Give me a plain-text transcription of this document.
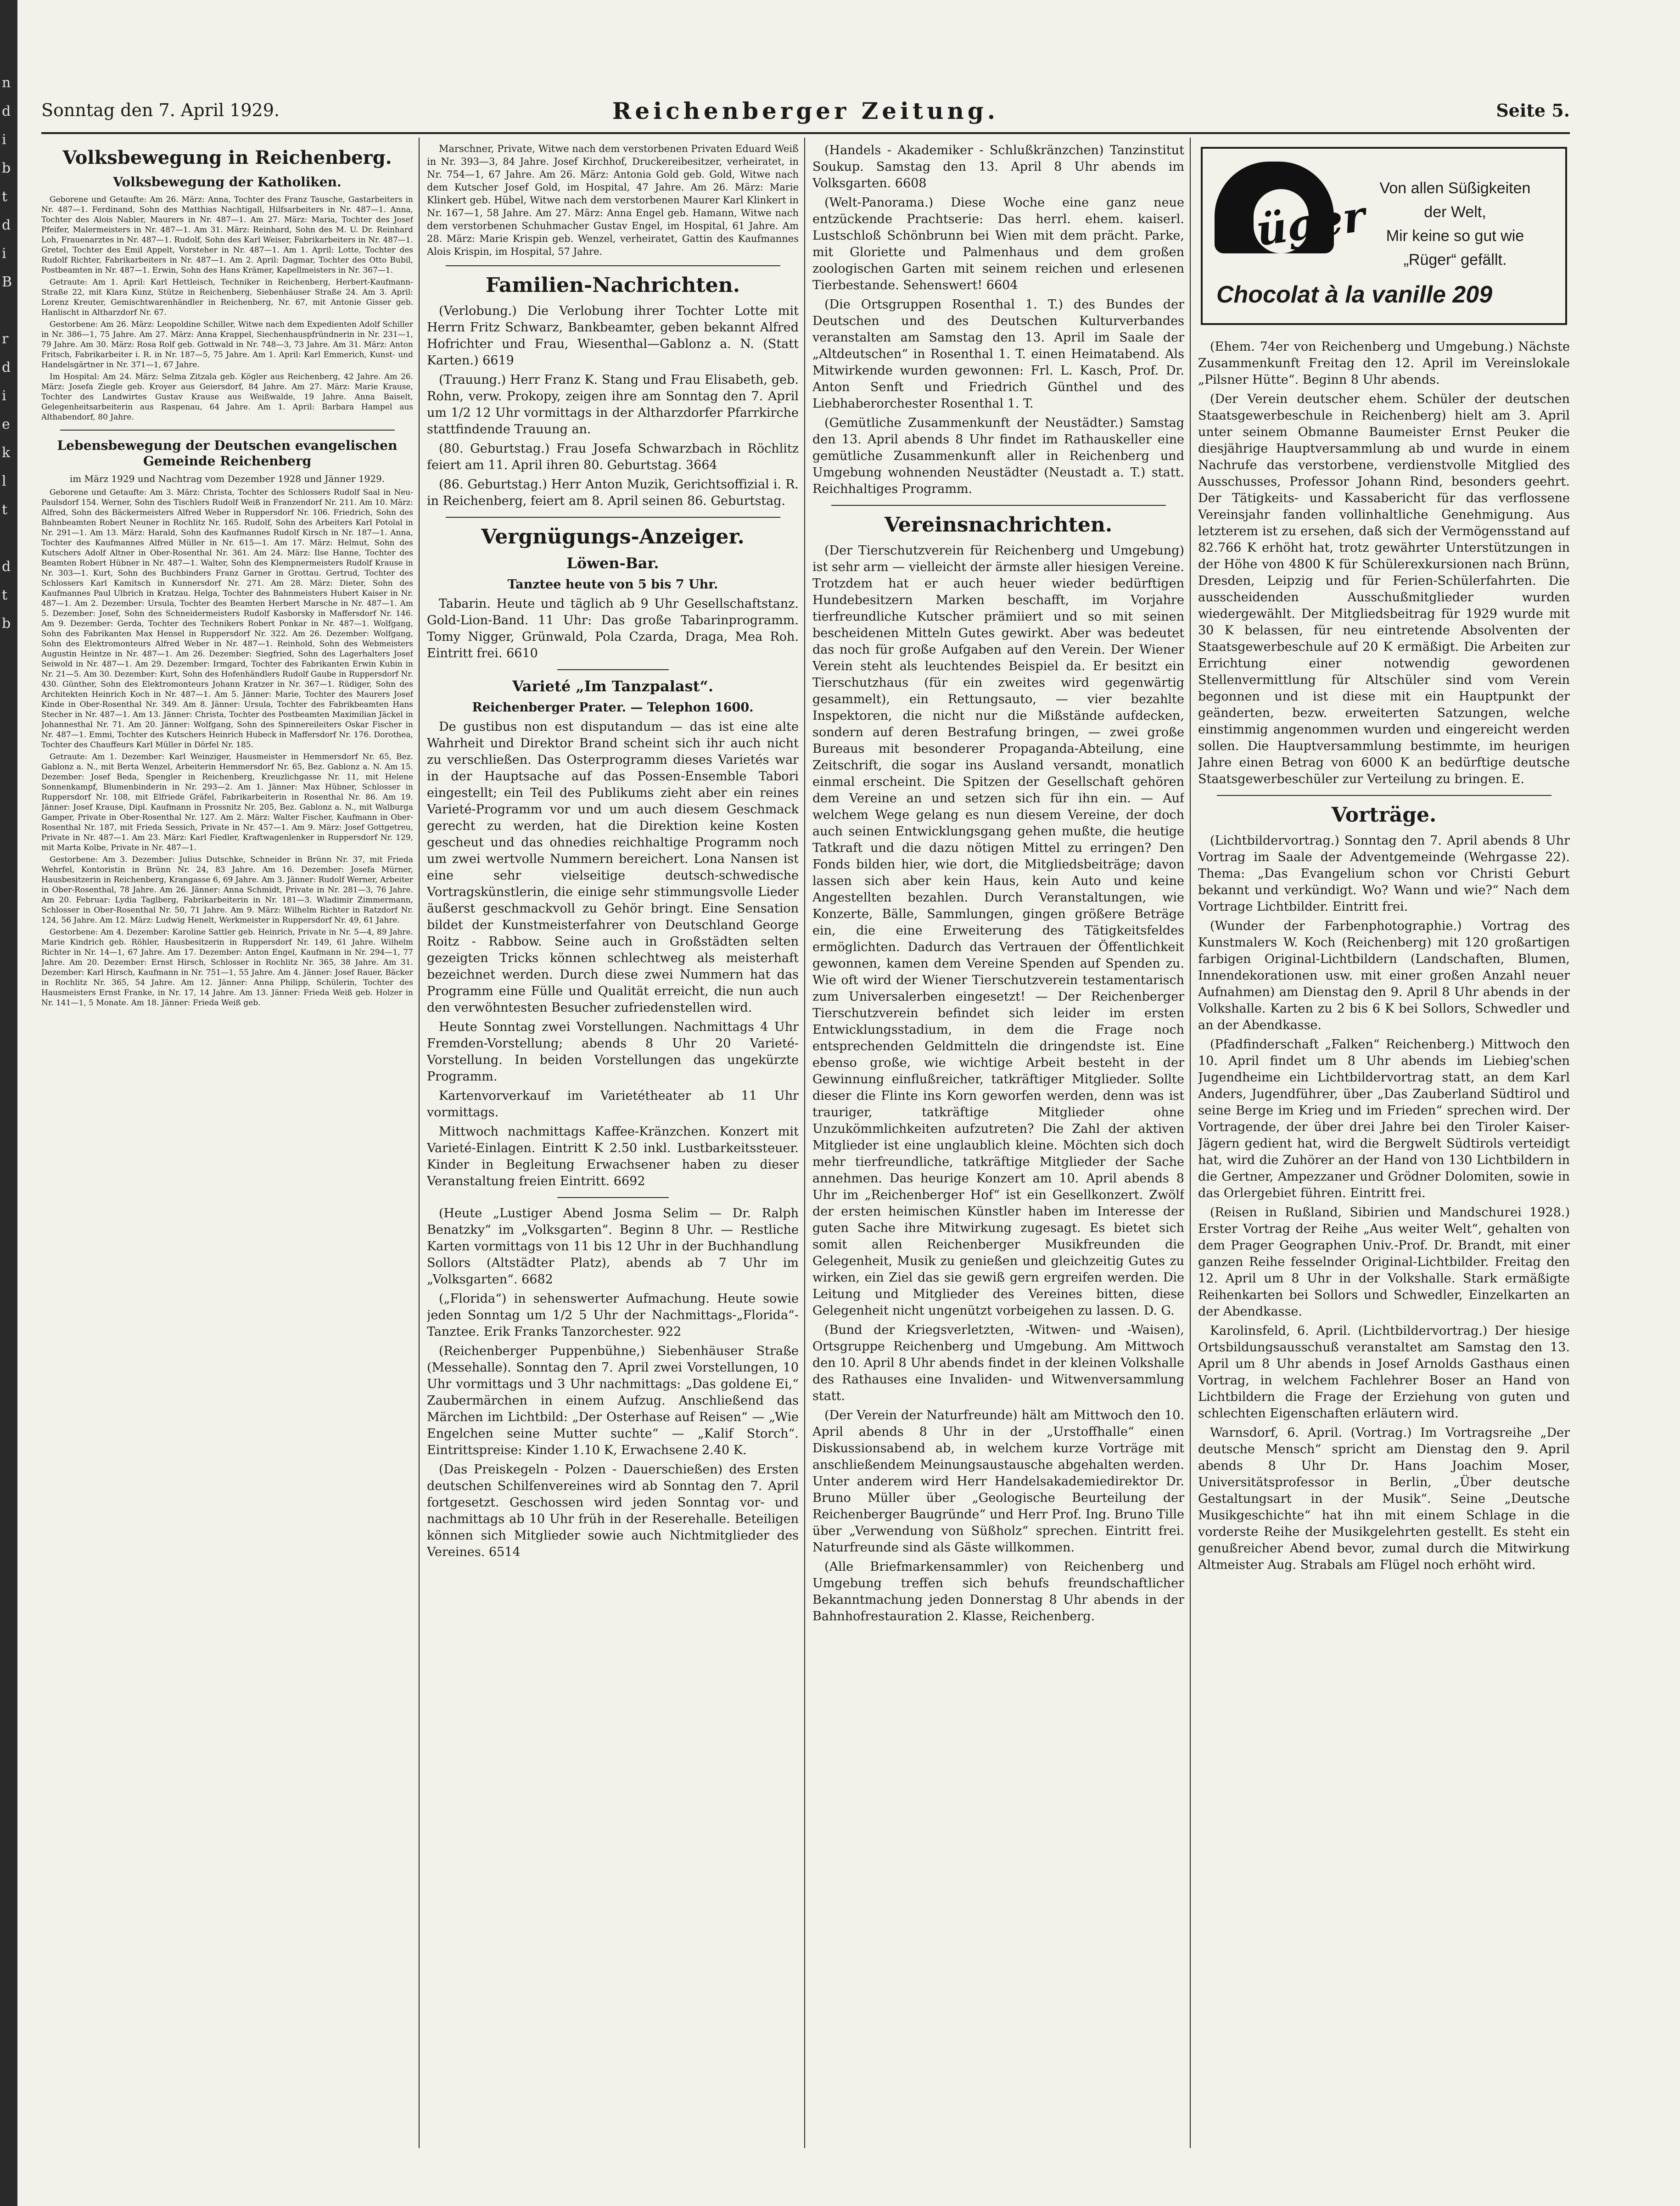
n
d
i
b
t
d
i
B

r
d
i
e
k
l
t

d
t
b
Sonntag den 7. April 1929.	Reichenberger Zeitung.	Seite 5.
Volksbewegung in Reichenberg.
Volksbewegung der Katholiken.

Geborene und Getaufte: Am 26. März: Anna, Tochter des Franz Tausche, Gastarbeiters in Nr. 487—1. Ferdinand, Sohn des Matthias Nachtigall, Hilfsarbeiters in Nr. 487—1. Anna, Tochter des Alois Nabler, Maurers in Nr. 487—1. Am 27. März: Maria, Tochter des Josef Pfeifer, Malermeisters in Nr. 487—1. Am 31. März: Reinhard, Sohn des M. U. Dr. Reinhard Loh, Frauenarztes in Nr. 487—1. Rudolf, Sohn des Karl Weiser, Fabrikarbeiters in Nr. 487—1. Gretel, Tochter des Emil Appelt, Vorsteher in Nr. 487—1. Am 1. April: Lotte, Tochter des Rudolf Richter, Fabrikarbeiters in Nr. 487—1. Am 2. April: Dagmar, Tochter des Otto Bubil, Postbeamten in Nr. 487—1. Erwin, Sohn des Hans Krämer, Kapellmeisters in Nr. 367—1.

Getraute: Am 1. April: Karl Hettleisch, Techniker in Reichenberg, Herbert-Kaufmann-Straße 22, mit Klara Kunz, Stütze in Reichenberg, Siebenhäuser Straße 24. Am 3. April: Lorenz Kreuter, Gemischtwarenhändler in Reichenberg, Nr. 67, mit Antonie Gisser geb. Hanlischt in Altharzdorf Nr. 67.

Gestorbene: Am 26. März: Leopoldine Schiller, Witwe nach dem Expedienten Adolf Schiller in Nr. 386—1, 75 Jahre. Am 27. März: Anna Krappel, Siechenhauspfründnerin in Nr. 231—1, 79 Jahre. Am 30. März: Rosa Rolf geb. Gottwald in Nr. 748—3, 73 Jahre. Am 31. März: Anton Fritsch, Fabrikarbeiter i. R. in Nr. 187—5, 75 Jahre. Am 1. April: Karl Emmerich, Kunst- und Handelsgärtner in Nr. 371—1, 67 Jahre.

Im Hospital: Am 24. März: Selma Zitzala geb. Kögler aus Reichenberg, 42 Jahre. Am 26. März: Josefa Ziegle geb. Kroyer aus Geiersdorf, 84 Jahre. Am 27. März: Marie Krause, Tochter des Landwirtes Gustav Krause aus Weißwalde, 19 Jahre. Anna Baiselt, Gelegenheitsarbeiterin aus Raspenau, 64 Jahre. Am 1. April: Barbara Hampel aus Althabendorf, 80 Jahre.

Lebensbewegung der Deutschen evangelischen Gemeinde Reichenberg
im März 1929 und Nachtrag vom Dezember 1928 und Jänner 1929.

Geborene und Getaufte: Am 3. März: Christa, Tochter des Schlossers Rudolf Saal in Neu-Paulsdorf 154. Werner, Sohn des Tischlers Rudolf Weiß in Franzendorf Nr. 211. Am 10. März: Alfred, Sohn des Bäckermeisters Alfred Weber in Ruppersdorf Nr. 106. Friedrich, Sohn des Bahnbeamten Robert Neuner in Rochlitz Nr. 165. Rudolf, Sohn des Arbeiters Karl Potolal in Nr. 291—1. Am 13. März: Harald, Sohn des Kaufmannes Rudolf Kirsch in Nr. 187—1. Anna, Tochter des Kaufmannes Alfred Müller in Nr. 615—1. Am 17. März: Helmut, Sohn des Kutschers Adolf Altner in Ober-Rosenthal Nr. 361. Am 24. März: Ilse Hanne, Tochter des Beamten Robert Hübner in Nr. 487—1. Walter, Sohn des Klempnermeisters Rudolf Krause in Nr. 303—1. Kurt, Sohn des Buchbinders Franz Garner in Grottau. Gertrud, Tochter des Schlossers Karl Kamitsch in Kunnersdorf Nr. 271. Am 28. März: Dieter, Sohn des Kaufmannes Paul Ulbrich in Kratzau. Helga, Tochter des Bahnmeisters Hubert Kaiser in Nr. 487—1. Am 2. Dezember: Ursula, Tochter des Beamten Herbert Marsche in Nr. 487—1. Am 5. Dezember: Josef, Sohn des Schneidermeisters Rudolf Kasborsky in Maffersdorf Nr. 146. Am 9. Dezember: Gerda, Tochter des Technikers Robert Ponkar in Nr. 487—1. Wolfgang, Sohn des Fabrikanten Max Hensel in Ruppersdorf Nr. 322. Am 26. Dezember: Wolfgang, Sohn des Elektromonteurs Alfred Weber in Nr. 487—1. Reinhold, Sohn des Webmeisters Augustin Heintze in Nr. 487—1. Am 26. Dezember: Siegfried, Sohn des Lagerhalters Josef Seiwold in Nr. 487—1. Am 29. Dezember: Irmgard, Tochter des Fabrikanten Erwin Kubin in Nr. 21—5. Am 30. Dezember: Kurt, Sohn des Hofenhändlers Rudolf Gaube in Ruppersdorf Nr. 430. Günther, Sohn des Elektromonteurs Johann Kratzer in Nr. 367—1. Rüdiger, Sohn des Architekten Heinrich Koch in Nr. 487—1. Am 5. Jänner: Marie, Tochter des Maurers Josef Kinde in Ober-Rosenthal Nr. 349. Am 8. Jänner: Ursula, Tochter des Fabrikbeamten Hans Stecher in Nr. 487—1. Am 13. Jänner: Christa, Tochter des Postbeamten Maximilian Jäckel in Johannesthal Nr. 71. Am 20. Jänner: Wolfgang, Sohn des Spinnereileiters Oskar Fischer in Nr. 487—1. Emmi, Tochter des Kutschers Heinrich Hubeck in Maffersdorf Nr. 176. Dorothea, Tochter des Chauffeurs Karl Müller in Dörfel Nr. 185.

Getraute: Am 1. Dezember: Karl Weinziger, Hausmeister in Hemmersdorf Nr. 65, Bez. Gablonz a. N., mit Berta Wenzel, Arbeiterin Hemmersdorf Nr. 65, Bez. Gablonz a. N. Am 15. Dezember: Josef Beda, Spengler in Reichenberg, Kreuzlichgasse Nr. 11, mit Helene Sonnenkampf, Blumenbinderin in Nr. 293—2. Am 1. Jänner: Max Hübner, Schlosser in Ruppersdorf Nr. 108, mit Elfriede Gräfel, Fabrikarbeiterin in Rosenthal Nr. 86. Am 19. Jänner: Josef Krause, Dipl. Kaufmann in Prossnitz Nr. 205, Bez. Gablonz a. N., mit Walburga Gamper, Private in Ober-Rosenthal Nr. 127. Am 2. März: Walter Fischer, Kaufmann in Ober-Rosenthal Nr. 187, mit Frieda Sessich, Private in Nr. 457—1. Am 9. März: Josef Gottgetreu, Private in Nr. 487—1. Am 23. März: Karl Fiedler, Kraftwagenlenker in Ruppersdorf Nr. 129, mit Marta Kolbe, Private in Nr. 487—1.

Gestorbene: Am 3. Dezember: Julius Dutschke, Schneider in Brünn Nr. 37, mit Frieda Wehrfel, Kontoristin in Brünn Nr. 24, 83 Jahre. Am 16. Dezember: Josefa Mürner, Hausbesitzerin in Reichenberg, Krangasse 6, 69 Jahre. Am 3. Jänner: Rudolf Werner, Arbeiter in Ober-Rosenthal, 78 Jahre. Am 26. Jänner: Anna Schmidt, Private in Nr. 281—3, 76 Jahre. Am 20. Februar: Lydia Taglberg, Fabrikarbeiterin in Nr. 181—3. Wladimir Zimmermann, Schlosser in Ober-Rosenthal Nr. 50, 71 Jahre. Am 9. März: Wilhelm Richter in Ratzdorf Nr. 124, 56 Jahre. Am 12. März: Ludwig Henelt, Werkmeister in Ruppersdorf Nr. 49, 61 Jahre.

Gestorbene: Am 4. Dezember: Karoline Sattler geb. Heinrich, Private in Nr. 5—4, 89 Jahre. Marie Kindrich geb. Röhler, Hausbesitzerin in Ruppersdorf Nr. 149, 61 Jahre. Wilhelm Richter in Nr. 14—1, 67 Jahre. Am 17. Dezember: Anton Engel, Kaufmann in Nr. 294—1, 77 Jahre. Am 20. Dezember: Ernst Hirsch, Schlosser in Rochlitz Nr. 365, 38 Jahre. Am 31. Dezember: Karl Hirsch, Kaufmann in Nr. 751—1, 55 Jahre. Am 4. Jänner: Josef Rauer, Bäcker in Rochlitz Nr. 365, 54 Jahre. Am 12. Jänner: Anna Philipp, Schülerin, Tochter des Hausmeisters Ernst Franke, in Nr. 17, 14 Jahre. Am 13. Jänner: Frieda Weiß geb. Holzer in Nr. 141—1, 5 Monate. Am 18. Jänner: Frieda Weiß geb.

Marschner, Private, Witwe nach dem verstorbenen Privaten Eduard Weiß in Nr. 393—3, 84 Jahre. Josef Kirchhof, Druckereibesitzer, verheiratet, in Nr. 754—1, 67 Jahre. Am 26. März: Antonia Gold geb. Gold, Witwe nach dem Kutscher Josef Gold, im Hospital, 47 Jahre. Am 26. März: Marie Klinkert geb. Hübel, Witwe nach dem verstorbenen Maurer Karl Klinkert in Nr. 167—1, 58 Jahre. Am 27. März: Anna Engel geb. Hamann, Witwe nach dem verstorbenen Schuhmacher Gustav Engel, im Hospital, 61 Jahre. Am 28. März: Marie Krispin geb. Wenzel, verheiratet, Gattin des Kaufmannes Alois Krispin, im Hospital, 57 Jahre.

Familien-Nachrichten.

(Verlobung.) Die Verlobung ihrer Tochter Lotte mit Herrn Fritz Schwarz, Bankbeamter, geben bekannt Alfred Hofrichter und Frau, Wiesenthal—Gablonz a. N. (Statt Karten.) 6619

(Trauung.) Herr Franz K. Stang und Frau Elisabeth, geb. Rohn, verw. Prokopy, zeigen ihre am Sonntag den 7. April um 1/2 12 Uhr vormittags in der Altharzdorfer Pfarrkirche stattfindende Trauung an.

(80. Geburtstag.) Frau Josefa Schwarzbach in Röchlitz feiert am 11. April ihren 80. Geburtstag. 3664

(86. Geburtstag.) Herr Anton Muzik, Gerichtsoffizial i. R. in Reichenberg, feiert am 8. April seinen 86. Geburtstag.

Vergnügungs-Anzeiger.
Löwen-Bar.

Tanztee heute von 5 bis 7 Uhr.

Tabarin. Heute und täglich ab 9 Uhr Gesellschaftstanz. Gold-Lion-Band. 11 Uhr: Das große Tabarinprogramm. Tomy Nigger, Grünwald, Pola Czarda, Draga, Mea Roh. Eintritt frei. 6610

Varieté „Im Tanzpalast“.

Reichenberger Prater. — Telephon 1600.

De gustibus non est disputandum — das ist eine alte Wahrheit und Direktor Brand scheint sich ihr auch nicht zu verschließen. Das Osterprogramm dieses Varietés war in der Hauptsache auf das Possen-Ensemble Tabori eingestellt; ein Teil des Publikums zieht aber ein reines Varieté-Programm vor und um auch diesem Geschmack gerecht zu werden, hat die Direktion keine Kosten gescheut und das ohnedies reichhaltige Programm noch um zwei wertvolle Nummern bereichert. Lona Nansen ist eine sehr vielseitige deutsch-schwedische Vortragskünstlerin, die einige sehr stimmungsvolle Lieder äußerst geschmackvoll zu Gehör bringt. Eine Sensation bildet der Kunstmeisterfahrer von Deutschland George Roitz - Rabbow. Seine auch in Großstädten selten gezeigten Tricks können schlechtweg als meisterhaft bezeichnet werden. Durch diese zwei Nummern hat das Programm eine Fülle und Qualität erreicht, die nun auch den verwöhntesten Besucher zufriedenstellen wird.

Heute Sonntag zwei Vorstellungen. Nachmittags 4 Uhr Fremden-Vorstellung; abends 8 Uhr 20 Varieté-Vorstellung. In beiden Vorstellungen das ungekürzte Programm.

Kartenvorverkauf im Varietétheater ab 11 Uhr vormittags.

Mittwoch nachmittags Kaffee-Kränzchen. Konzert mit Varieté-Einlagen. Eintritt K 2.50 inkl. Lustbarkeitssteuer. Kinder in Begleitung Erwachsener haben zu dieser Veranstaltung freien Eintritt. 6692

(Heute „Lustiger Abend Josma Selim — Dr. Ralph Benatzky“ im „Volksgarten“. Beginn 8 Uhr. — Restliche Karten vormittags von 11 bis 12 Uhr in der Buchhandlung Sollors (Altstädter Platz), abends ab 7 Uhr im „Volksgarten“. 6682

(„Florida“) in sehenswerter Aufmachung. Heute sowie jeden Sonntag um 1/2 5 Uhr der Nachmittags-„Florida“-Tanztee. Erik Franks Tanzorchester. 922

(Reichenberger Puppenbühne,) Siebenhäuser Straße (Messehalle). Sonntag den 7. April zwei Vorstellungen, 10 Uhr vormittags und 3 Uhr nachmittags: „Das goldene Ei,“ Zaubermärchen in einem Aufzug. Anschließend das Märchen im Lichtbild: „Der Osterhase auf Reisen“ — „Wie Engelchen seine Mutter suchte“ — „Kalif Storch“. Eintrittspreise: Kinder 1.10 K, Erwachsene 2.40 K.

(Das Preiskegeln - Polzen - Dauerschießen) des Ersten deutschen Schilfenvereines wird ab Sonntag den 7. April fortgesetzt. Geschossen wird jeden Sonntag vor- und nachmittags ab 10 Uhr früh in der Reserehalle. Beteiligen können sich Mitglieder sowie auch Nichtmitglieder des Vereines. 6514

(Handels - Akademiker - Schlußkränzchen) Tanzinstitut Soukup. Samstag den 13. April 8 Uhr abends im Volksgarten. 6608

(Welt-Panorama.) Diese Woche eine ganz neue entzückende Prachtserie: Das herrl. ehem. kaiserl. Lustschloß Schönbrunn bei Wien mit dem prächt. Parke, mit Gloriette und Palmenhaus und dem großen zoologischen Garten mit seinem reichen und erlesenen Tierbestande. Sehenswert! 6604

(Die Ortsgruppen Rosenthal 1. T.) des Bundes der Deutschen und des Deutschen Kulturverbandes veranstalten am Samstag den 13. April im Saale der „Altdeutschen“ in Rosenthal 1. T. einen Heimatabend. Als Mitwirkende wurden gewonnen: Frl. L. Kasch, Prof. Dr. Anton Senft und Friedrich Günthel und des Liebhaberorchester Rosenthal 1. T.

(Gemütliche Zusammenkunft der Neustädter.) Samstag den 13. April abends 8 Uhr findet im Rathauskeller eine gemütliche Zusammenkunft aller in Reichenberg und Umgebung wohnenden Neustädter (Neustadt a. T.) statt. Reichhaltiges Programm.

Vereinsnachrichten.

(Der Tierschutzverein für Reichenberg und Umgebung) ist sehr arm — vielleicht der ärmste aller hiesigen Vereine. Trotzdem hat er auch heuer wieder bedürftigen Hundebesitzern Marken beschafft, im Vorjahre tierfreundliche Kutscher prämiiert und so mit seinen bescheidenen Mitteln Gutes gewirkt. Aber was bedeutet das noch für große Aufgaben auf den Verein. Der Wiener Verein steht als leuchtendes Beispiel da. Er besitzt ein Tierschutzhaus (für ein zweites wird gegenwärtig gesammelt), ein Rettungsauto, — vier bezahlte Inspektoren, die nicht nur die Mißstände aufdecken, sondern auf deren Bestrafung bringen, — zwei große Bureaus mit besonderer Propaganda-Abteilung, eine Zeitschrift, die sogar ins Ausland versandt, monatlich einmal erscheint. Die Spitzen der Gesellschaft gehören dem Vereine an und setzen sich für ihn ein. — Auf welchem Wege gelang es nun diesem Vereine, der doch auch seinen Entwicklungsgang gehen mußte, die heutige Tatkraft und die dazu nötigen Mittel zu erringen? Den Fonds bilden hier, wie dort, die Mitgliedsbeiträge; davon lassen sich aber kein Haus, kein Auto und keine Angestellten bezahlen. Durch Veranstaltungen, wie Konzerte, Bälle, Sammlungen, gingen größere Beträge ein, die eine Erweiterung des Tätigkeitsfeldes ermöglichten. Dadurch das Vertrauen der Öffentlichkeit gewonnen, kamen dem Vereine Spenden auf Spenden zu. Wie oft wird der Wiener Tierschutzverein testamentarisch zum Universalerben eingesetzt! — Der Reichenberger Tierschutzverein befindet sich leider im ersten Entwicklungsstadium, in dem die Frage noch entsprechenden Geldmitteln die dringendste ist. Eine ebenso große, wie wichtige Arbeit besteht in der Gewinnung einflußreicher, tatkräftiger Mitglieder. Sollte dieser die Flinte ins Korn geworfen werden, denn was ist trauriger, tatkräftige Mitglieder ohne Unzukömmlichkeiten aufzutreten? Die Zahl der aktiven Mitglieder ist eine unglaublich kleine. Möchten sich doch mehr tierfreundliche, tatkräftige Mitglieder der Sache annehmen. Das heurige Konzert am 10. April abends 8 Uhr im „Reichenberger Hof“ ist ein Gesellkonzert. Zwölf der ersten heimischen Künstler haben im Interesse der guten Sache ihre Mitwirkung zugesagt. Es bietet sich somit allen Reichenberger Musikfreunden die Gelegenheit, Musik zu genießen und gleichzeitig Gutes zu wirken, ein Ziel das sie gewiß gern ergreifen werden. Die Leitung und Mitglieder des Vereines bitten, diese Gelegenheit nicht ungenützt vorbeigehen zu lassen. D. G.

(Bund der Kriegsverletzten, -Witwen- und -Waisen), Ortsgruppe Reichenberg und Umgebung. Am Mittwoch den 10. April 8 Uhr abends findet in der kleinen Volkshalle des Rathauses eine Invaliden- und Witwenversammlung statt.

(Der Verein der Naturfreunde) hält am Mittwoch den 10. April abends 8 Uhr in der „Urstoffhalle“ einen Diskussionsabend ab, in welchem kurze Vorträge mit anschließendem Meinungsaustausche abgehalten werden. Unter anderem wird Herr Handelsakademiedirektor Dr. Bruno Müller über „Geologische Beurteilung der Reichenberger Baugründe“ und Herr Prof. Ing. Bruno Tille über „Verwendung von Süßholz“ sprechen. Eintritt frei. Naturfreunde sind als Gäste willkommen.

(Alle Briefmarkensammler) von Reichenberg und Umgebung treffen sich behufs freundschaftlicher Bekanntmachung jeden Donnerstag 8 Uhr abends in der Bahnhofrestauration 2. Klasse, Reichenberg.

Rüger
Von allen Süßigkeiten
der Welt,
Mir keine so gut wie
„Rüger“ gefällt.
Chocolat à la vanille 209

(Ehem. 74er von Reichenberg und Umgebung.) Nächste Zusammenkunft Freitag den 12. April im Vereinslokale „Pilsner Hütte“. Beginn 8 Uhr abends.

(Der Verein deutscher ehem. Schüler der deutschen Staatsgewerbeschule in Reichenberg) hielt am 3. April unter seinem Obmanne Baumeister Ernst Peuker die diesjährige Hauptversammlung ab und wurde in einem Nachrufe das verstorbene, verdienstvolle Mitglied des Ausschusses, Professor Johann Rind, besonders geehrt. Der Tätigkeits- und Kassabericht für das verflossene Vereinsjahr fanden vollinhaltliche Genehmigung. Aus letzterem ist zu ersehen, daß sich der Vermögensstand auf 82.766 K erhöht hat, trotz gewährter Unterstützungen in der Höhe von 4800 K für Schülerexkursionen nach Brünn, Dresden, Leipzig und für Ferien-Schülerfahrten. Die ausscheidenden Ausschußmitglieder wurden wiedergewählt. Der Mitgliedsbeitrag für 1929 wurde mit 30 K belassen, für neu eintretende Absolventen der Staatsgewerbeschule auf 20 K ermäßigt. Die Arbeiten zur Errichtung einer notwendig gewordenen Stellenvermittlung für Altschüler sind vom Verein begonnen und ist diese mit ein Hauptpunkt der geänderten, bezw. erweiterten Satzungen, welche einstimmig angenommen wurden und eingereicht werden sollen. Die Hauptversammlung bestimmte, im heurigen Jahre einen Betrag von 6000 K an bedürftige deutsche Staatsgewerbeschüler zur Verteilung zu bringen. E.

Vorträge.

(Lichtbildervortrag.) Sonntag den 7. April abends 8 Uhr Vortrag im Saale der Adventgemeinde (Wehrgasse 22). Thema: „Das Evangelium schon vor Christi Geburt bekannt und verkündigt. Wo? Wann und wie?“ Nach dem Vortrage Lichtbilder. Eintritt frei.

(Wunder der Farbenphotographie.) Vortrag des Kunstmalers W. Koch (Reichenberg) mit 120 großartigen farbigen Original-Lichtbildern (Landschaften, Blumen, Innendekorationen usw. mit einer großen Anzahl neuer Aufnahmen) am Dienstag den 9. April 8 Uhr abends in der Volkshalle. Karten zu 2 bis 6 K bei Sollors, Schwedler und an der Abendkasse.

(Pfadfinderschaft „Falken“ Reichenberg.) Mittwoch den 10. April findet um 8 Uhr abends im Liebieg'schen Jugendheime ein Lichtbildervortrag statt, an dem Karl Anders, Jugendführer, über „Das Zauberland Südtirol und seine Berge im Krieg und im Frieden“ sprechen wird. Der Vortragende, der über drei Jahre bei den Tiroler Kaiser-Jägern gedient hat, wird die Bergwelt Südtirols verteidigt hat, wird die Zuhörer an der Hand von 130 Lichtbildern in die Gertner, Ampezzaner und Grödner Dolomiten, sowie in das Orlergebiet führen. Eintritt frei.

(Reisen in Rußland, Sibirien und Mandschurei 1928.) Erster Vortrag der Reihe „Aus weiter Welt“, gehalten von dem Prager Geographen Univ.-Prof. Dr. Brandt, mit einer ganzen Reihe fesselnder Original-Lichtbilder. Freitag den 12. April um 8 Uhr in der Volkshalle. Stark ermäßigte Reihenkarten bei Sollors und Schwedler, Einzelkarten an der Abendkasse.

Karolinsfeld, 6. April. (Lichtbildervortrag.) Der hiesige Ortsbildungsausschuß veranstaltet am Samstag den 13. April um 8 Uhr abends in Josef Arnolds Gasthaus einen Vortrag, in welchem Fachlehrer Boser an Hand von Lichtbildern die Frage der Erziehung von guten und schlechten Eigenschaften erläutern wird.

Warnsdorf, 6. April. (Vortrag.) Im Vortragsreihe „Der deutsche Mensch“ spricht am Dienstag den 9. April abends 8 Uhr Dr. Hans Joachim Moser, Universitätsprofessor in Berlin, „Über deutsche Gestaltungsart in der Musik“. Seine „Deutsche Musikgeschichte“ hat ihn mit einem Schlage in die vorderste Reihe der Musikgelehrten gestellt. Es steht ein genußreicher Abend bevor, zumal durch die Mitwirkung Altmeister Aug. Strabals am Flügel noch erhöht wird.
